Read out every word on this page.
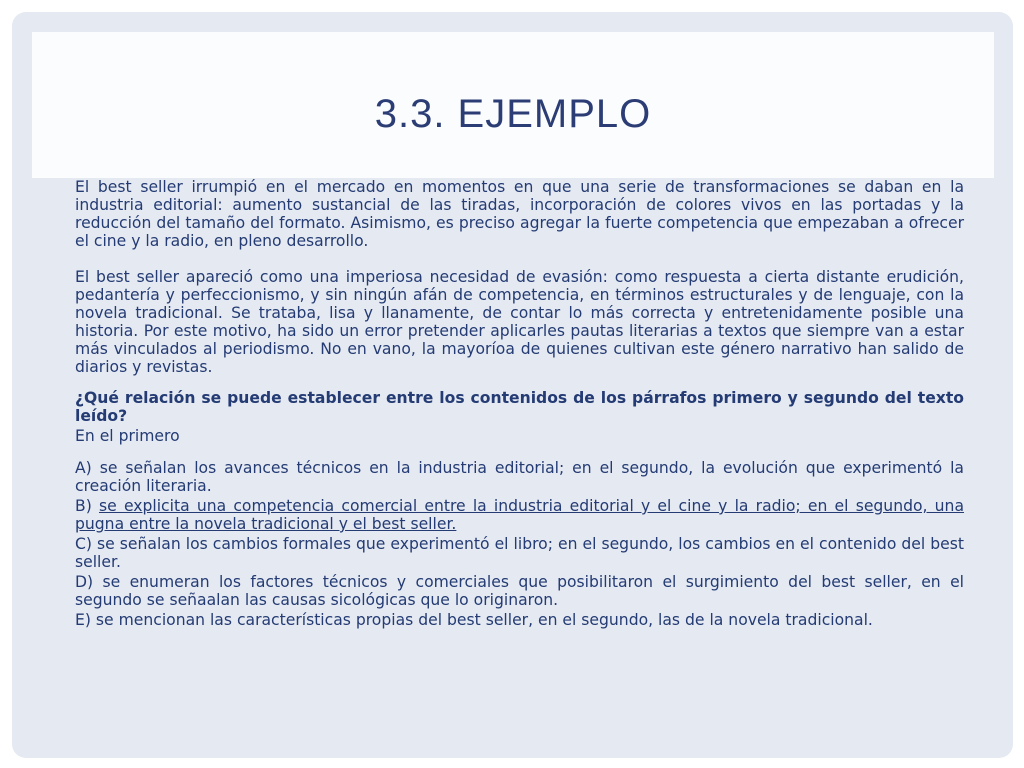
3.3. EJEMPLO

El best seller irrumpió en el mercado en momentos en que una serie de transformaciones se daban en la industria editorial: aumento sustancial de las tiradas, incorporación de colores vivos en las portadas y la reducción del tamaño del formato. Asimismo, es preciso agregar la fuerte competencia que empezaban a ofrecer el cine y la radio, en pleno desarrollo.

El best seller apareció como una imperiosa necesidad de evasión: como respuesta a cierta distante erudición, pedantería y perfeccionismo, y sin ningún afán de competencia, en términos estructurales y de lenguaje, con la novela tradicional. Se trataba, lisa y llanamente, de contar lo más correcta y entretenidamente posible una historia. Por este motivo, ha sido un error pretender aplicarles pautas literarias a textos que siempre van a estar más vinculados al periodismo. No en vano, la mayoríoa de quienes cultivan este género narrativo han salido de diarios y revistas.

¿Qué relación se puede establecer entre los contenidos de los párrafos primero y segundo del texto leído?

En el primero

A) se señalan los avances técnicos en la industria editorial; en el segundo, la evolución que experimentó la creación literaria.

B) se explicita una competencia comercial entre la industria editorial y el cine y la radio; en el segundo, una pugna entre la novela tradicional y el best seller.

C) se señalan los cambios formales que experimentó el libro; en el segundo, los cambios en el contenido del best seller.

D) se enumeran los factores técnicos y comerciales que posibilitaron el surgimiento del best seller, en el segundo se señaalan las causas sicológicas que lo originaron.

E) se mencionan las características propias del best seller, en el segundo, las de la novela tradicional.
